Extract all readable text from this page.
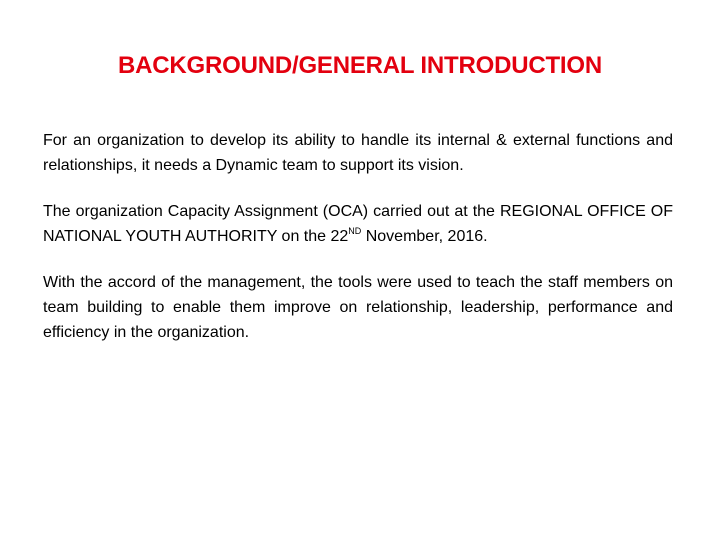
BACKGROUND/GENERAL INTRODUCTION

For an organization to develop its ability to handle its internal & external functions and relationships, it needs a Dynamic team to support its vision.

The organization Capacity Assignment (OCA) carried out at the REGIONAL OFFICE OF NATIONAL YOUTH AUTHORITY on the 22ND November, 2016.

With the accord of the management, the tools were used to teach the staff members on team building to enable them improve on relationship, leadership, performance and efficiency in the organization.
